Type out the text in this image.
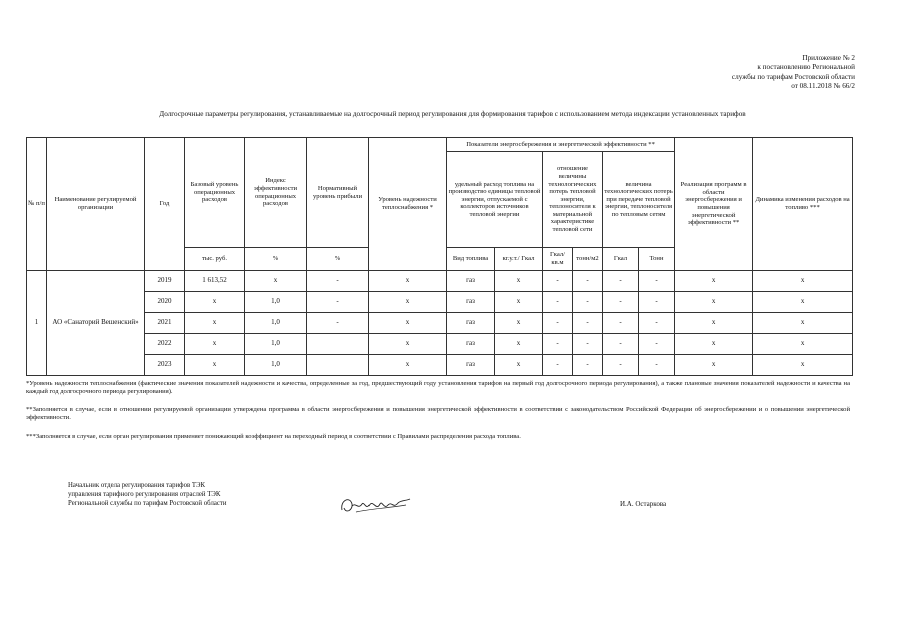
Приложение № 2
к постановлению Региональной
службы по тарифам Ростовской области
от 08.11.2018 № 66/2
Долгосрочные параметры регулирования, устанавливаемые на долгосрочный период регулирования для формирования тарифов с использованием метода индексации установленных тарифов
№ п/п	Наименование регулируемой организации	Год	Базовый уровень операционных расходов	Индекс эффективности операционных расходов	Нормативный уровень прибыли	Уровень надежности теплоснабжения *	Показатели энергосбережения и энергетической эффективности **						Реализация программ в области энергосбережения и повышения энергетической эффективности **	Динамика изменения расходов на топливо ***
							удельный расход топлива на производство единицы тепловой энергии, отпускаемой с коллекторов источников тепловой энергии		отношение величины технологических потерь тепловой энергии, теплоносителя к материальной характеристике тепловой сети		величина технологических потерь при передаче тепловой энергии, теплоносителя по тепловым сетям			
			тыс. руб.	%	%		Вид топлива	кг.у.т./ Гкал	Гкал/ кв.м	тонн/м2	Гкал	Тонн		
1	АО «Санаторий Вешенский»	2019	1 613,52	х	-	х	газ	х	-	-	-	-	х	х
		2020	х	1,0	-	х	газ	х	-	-	-	-	х	х
		2021	х	1,0	-	х	газ	х	-	-	-	-	х	х
		2022	х	1,0		х	газ	х	-	-	-	-	х	х
		2023	х	1,0		х	газ	х	-	-	-	-	х	х
*Уровень надежности теплоснабжения (фактические значения показателей надежности и качества, определенные за год, предшествующий году установления тарифов на первый год долгосрочного периода регулирования), а также плановые значения показателей надежности и качества на каждый год долгосрочного периода регулирования).
**Заполняется в случае, если в отношении регулируемой организации утверждена программа в области энергосбережения и повышения энергетической эффективности в соответствии с законодательством Российской Федерации об энергосбережении и о повышении энергетической эффективности.
***Заполняется в случае, если орган регулирования применяет понижающий коэффициент на переходный период в соответствии с Правилами распределения расхода топлива.
Начальник отдела регулирования тарифов ТЭК
управления тарифного регулирования отраслей ТЭК
Региональной службы по тарифам Ростовской области	И.А. Остаркова
